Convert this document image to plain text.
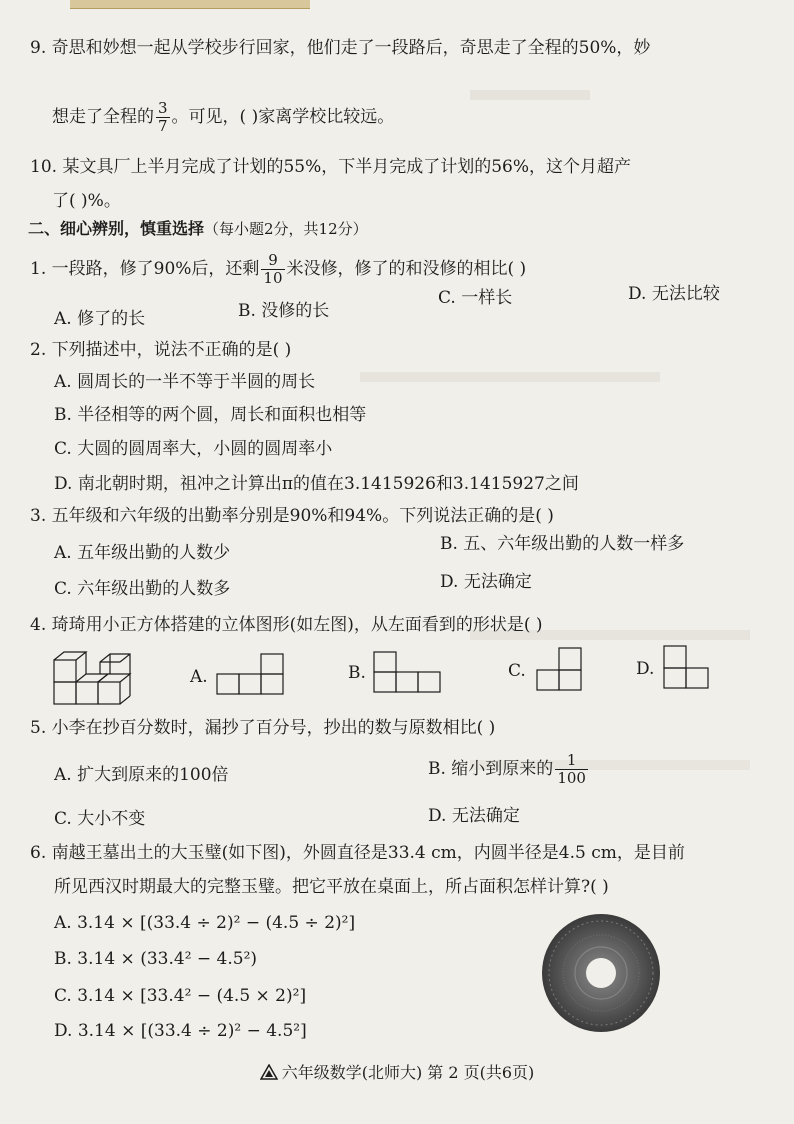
9. 奇思和妙想一起从学校步行回家，他们走了一段路后，奇思走了全程的50%，妙
想走了全程的 $\frac{3}{7}$ 。可见，( )家离学校比较远。
10. 某文具厂上半月完成了计划的55%，下半月完成了计划的56%，这个月超产
了( )%。
二、细心辨别，慎重选择（每小题2分，共12分）
1. 一段路，修了90%后，还剩 $\frac{9}{10}$ 米没修，修了的和没修的相比( )
A. 修了的长	B. 没修的长
C. 一样长	D. 无法比较
2. 下列描述中，说法不正确的是( )
A. 圆周长的一半不等于半圆的周长
B. 半径相等的两个圆，周长和面积也相等
C. 大圆的圆周率大，小圆的圆周率小
D. 南北朝时期，祖冲之计算出π的值在3.1415926和3.1415927之间
3. 五年级和六年级的出勤率分别是90%和94%。下列说法正确的是( )
A. 五年级出勤的人数少	B. 五、六年级出勤的人数一样多
C. 六年级出勤的人数多	D. 无法确定
4. 琦琦用小正方体搭建的立体图形(如左图)，从左面看到的形状是( )
A.	B.	C.	D.
5. 小李在抄百分数时，漏抄了百分号，抄出的数与原数相比( )
A. 扩大到原来的100倍	B. 缩小到原来的 $\frac{1}{100}$
C. 大小不变	D. 无法确定
6. 南越王墓出土的大玉璧(如下图)，外圆直径是33.4 cm，内圆半径是4.5 cm，是目前
所见西汉时期最大的完整玉璧。把它平放在桌面上，所占面积怎样计算?( )
A. 3.14 × [(33.4 ÷ 2)² − (4.5 ÷ 2)²]
B. 3.14 × (33.4² − 4.5²)
C. 3.14 × [33.4² − (4.5 × 2)²]
D. 3.14 × [(33.4 ÷ 2)² − 4.5²]
六年级数学(北师大) 第 2 页(共6页)
